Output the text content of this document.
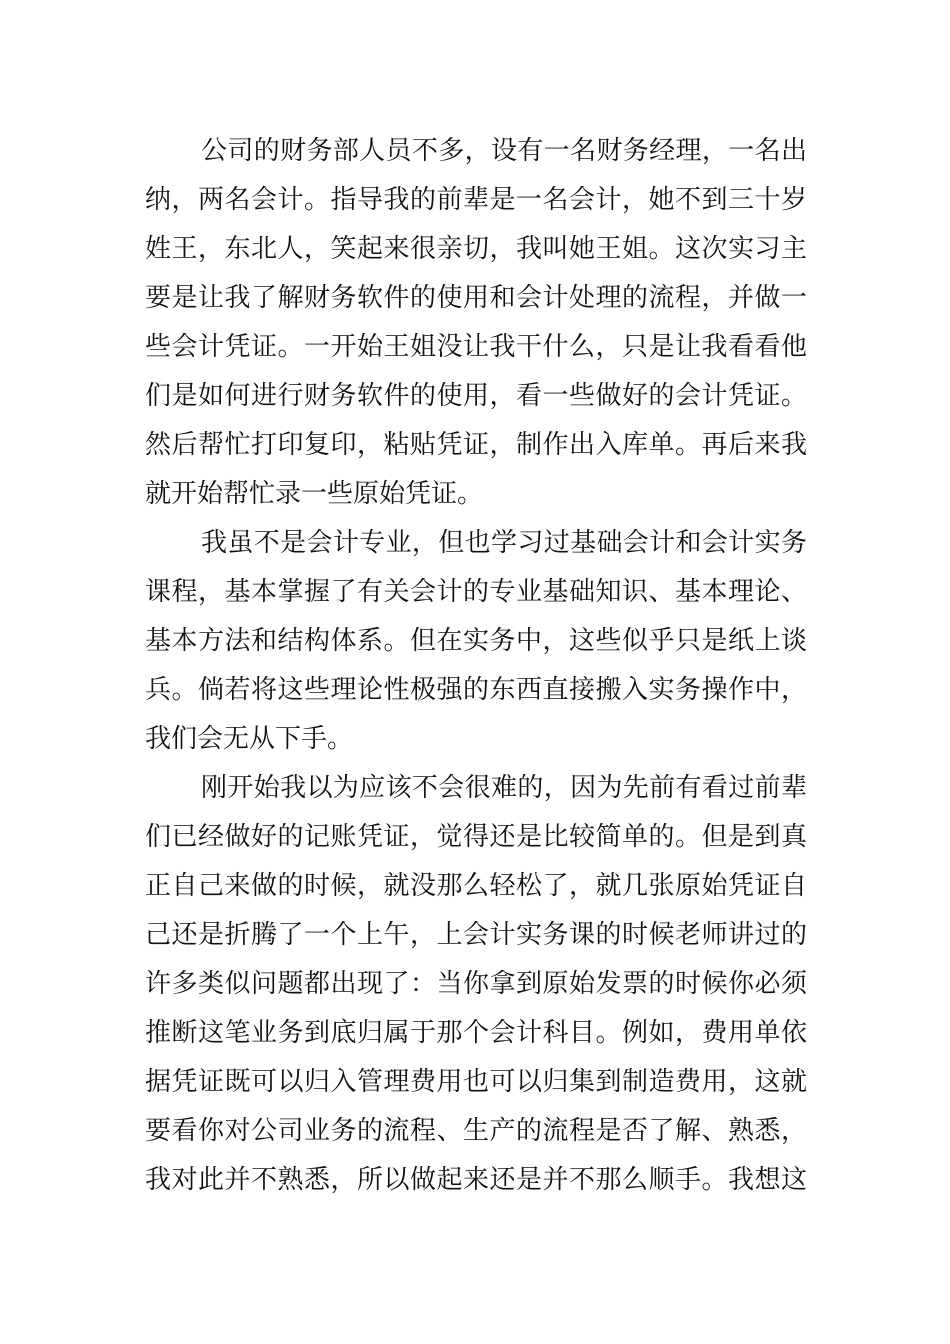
公司的财务部人员不多，设有一名财务经理，一名出
纳，两名会计。指导我的前辈是一名会计，她不到三十岁
姓王，东北人，笑起来很亲切，我叫她王姐。这次实习主
要是让我了解财务软件的使用和会计处理的流程，并做一
些会计凭证。一开始王姐没让我干什么，只是让我看看他
们是如何进行财务软件的使用，看一些做好的会计凭证。
然后帮忙打印复印，粘贴凭证，制作出入库单。再后来我
就开始帮忙录一些原始凭证。
我虽不是会计专业，但也学习过基础会计和会计实务
课程，基本掌握了有关会计的专业基础知识、基本理论、
基本方法和结构体系。但在实务中，这些似乎只是纸上谈
兵。倘若将这些理论性极强的东西直接搬入实务操作中，
我们会无从下手。
刚开始我以为应该不会很难的，因为先前有看过前辈
们已经做好的记账凭证，觉得还是比较简单的。但是到真
正自己来做的时候，就没那么轻松了，就几张原始凭证自
己还是折腾了一个上午，上会计实务课的时候老师讲过的
许多类似问题都出现了：当你拿到原始发票的时候你必须
推断这笔业务到底归属于那个会计科目。例如，费用单依
据凭证既可以归入管理费用也可以归集到制造费用，这就
要看你对公司业务的流程、生产的流程是否了解、熟悉，
我对此并不熟悉，所以做起来还是并不那么顺手。我想这
